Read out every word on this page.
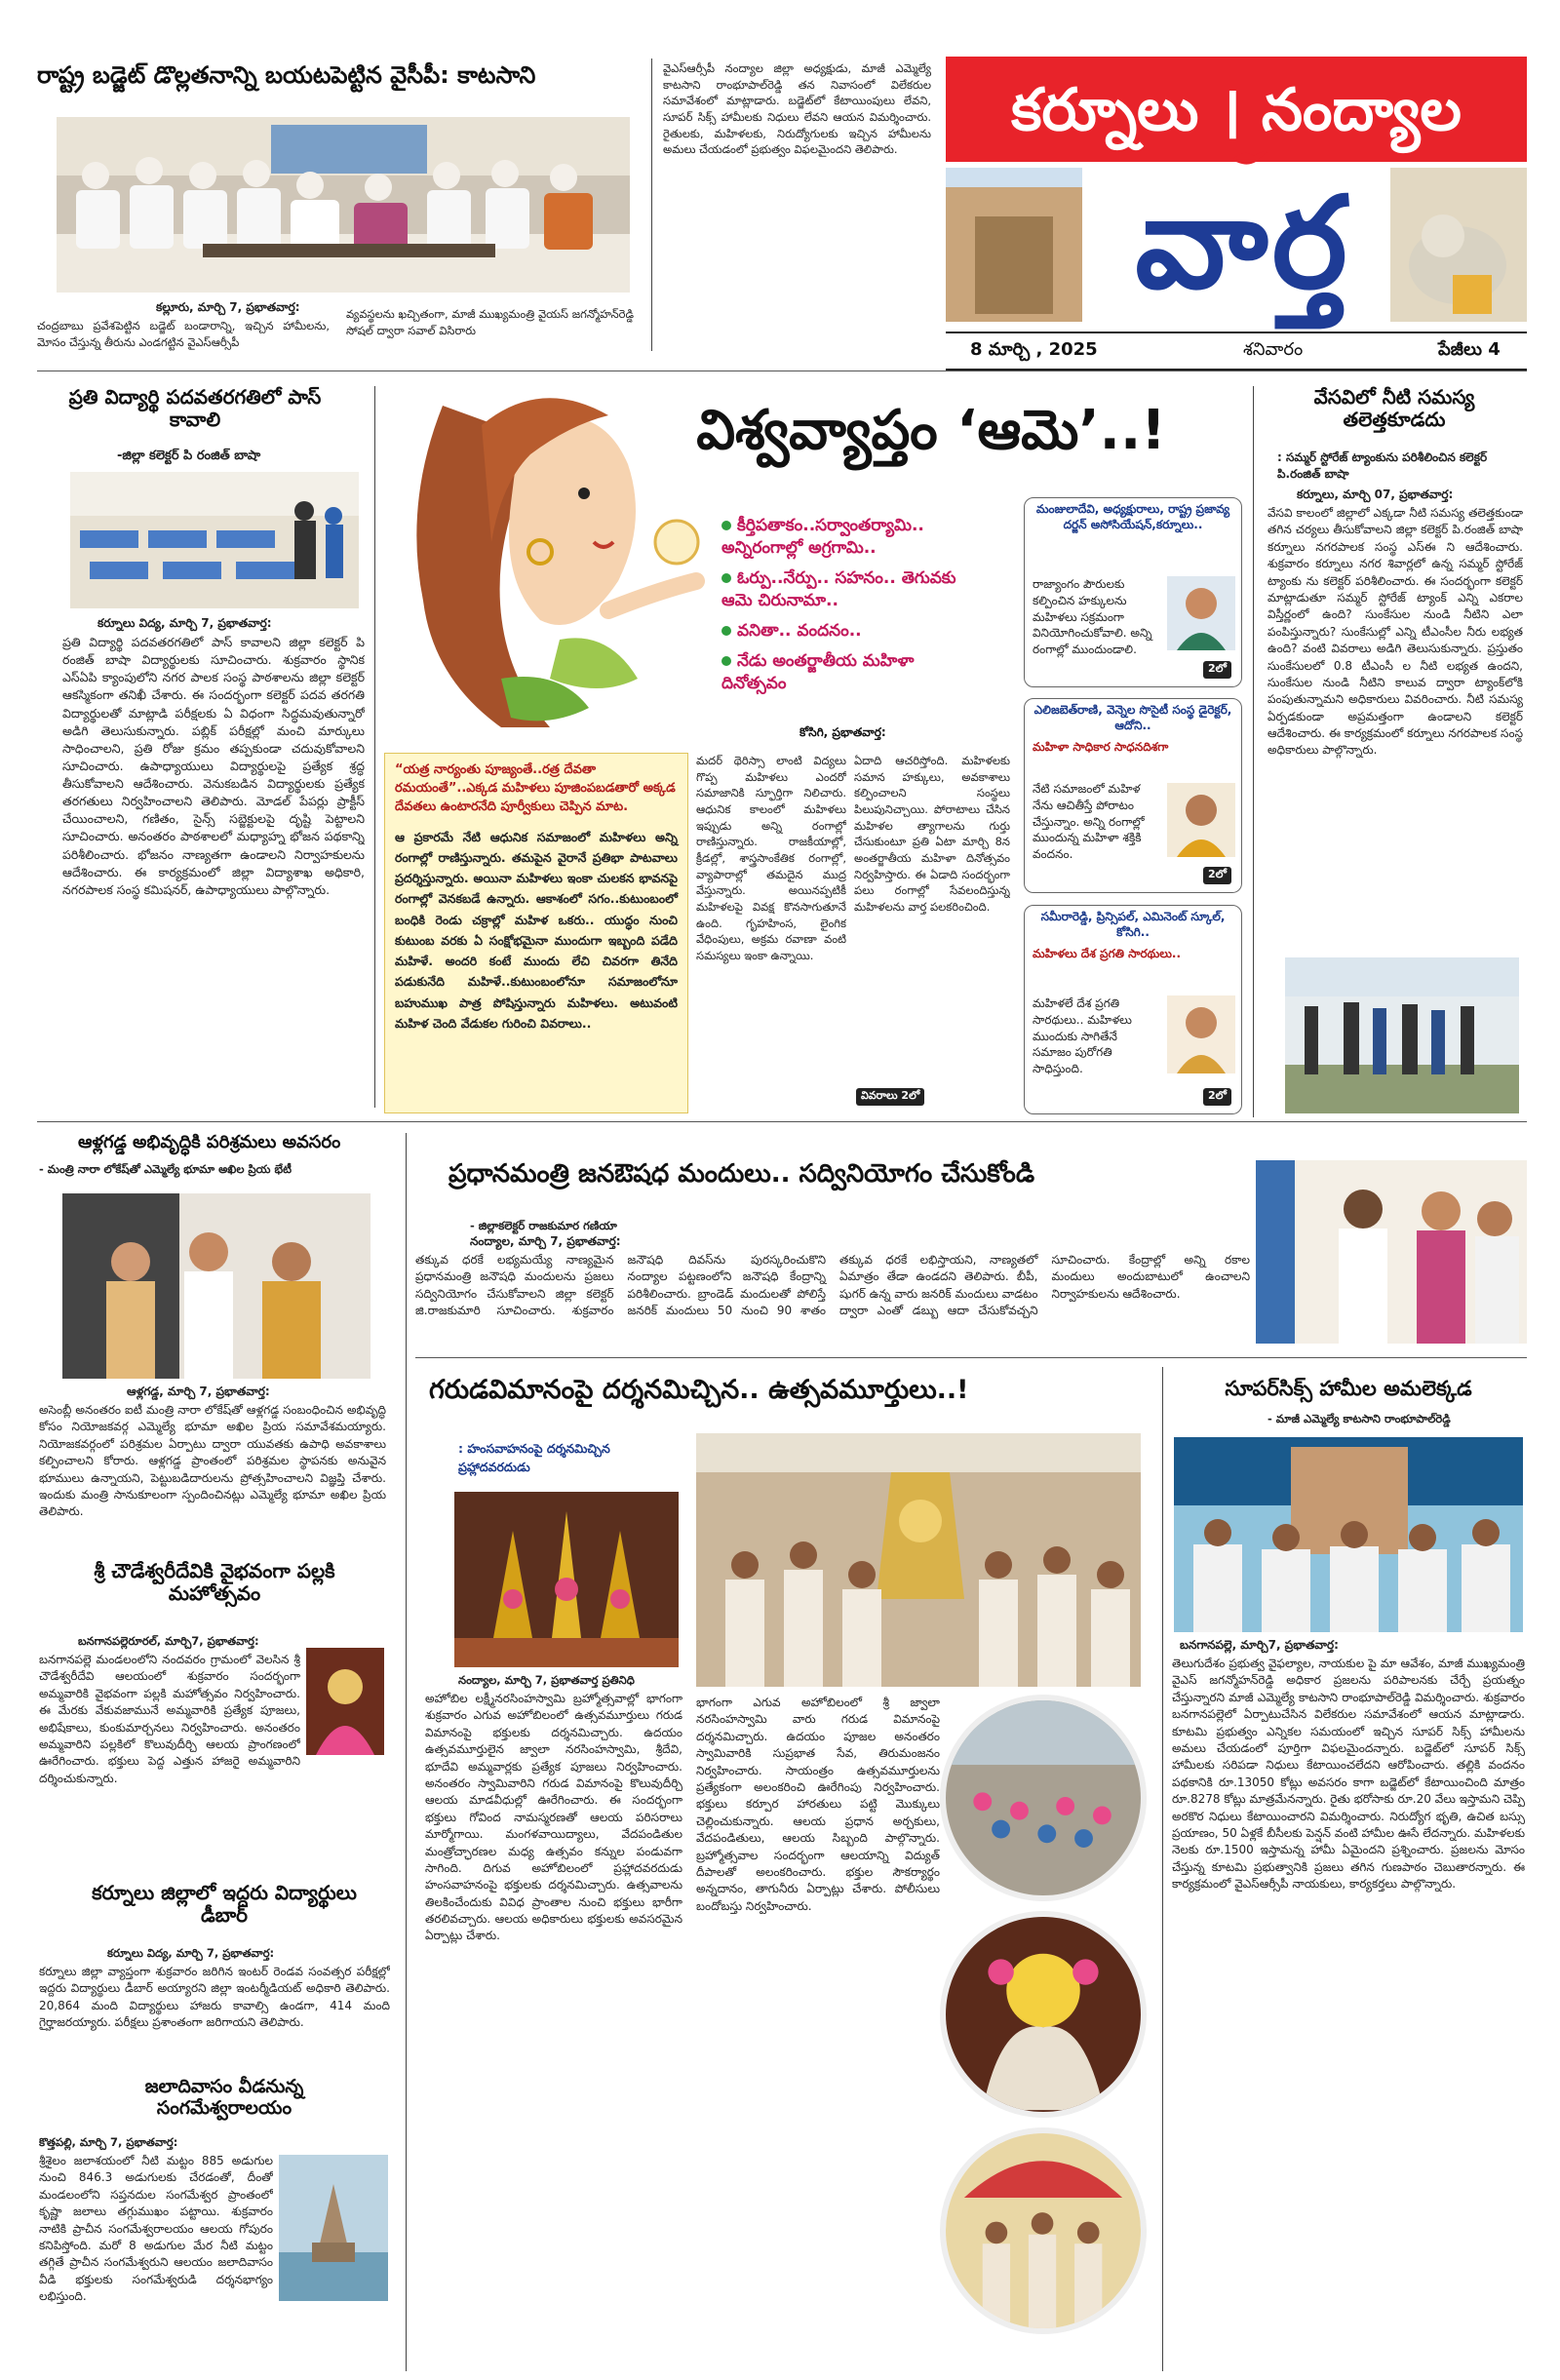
రాష్ట్ర బడ్జెట్ డొల్లతనాన్ని బయటపెట్టిన వైసీపీ: కాటసాని
కల్లూరు, మార్చి 7, ప్రభాతవార్త:
చంద్రబాబు ప్రవేశపెట్టిన బడ్జెట్ బండారాన్ని, ఇచ్చిన హామీలను, మోసం చేస్తున్న తీరును ఎండగట్టిన వైఎస్ఆర్సీపీ
వ్యవస్థలను ఖచ్చితంగా, మాజీ ముఖ్యమంత్రి వైయస్ జగన్మోహన్‌రెడ్డి సోషల్ ద్వారా సవాల్ విసిరారు
వైఎస్ఆర్సీపీ నంద్యాల జిల్లా అధ్యక్షుడు, మాజీ ఎమ్మెల్యే కాటసాని రాంభూపాల్‌రెడ్డి తన నివాసంలో విలేకరుల సమావేశంలో మాట్లాడారు. బడ్జెట్‌లో కేటాయింపులు లేవని, సూపర్ సిక్స్ హామీలకు నిధులు లేవని ఆయన విమర్శించారు. రైతులకు, మహిళలకు, నిరుద్యోగులకు ఇచ్చిన హామీలను అమలు చేయడంలో ప్రభుత్వం విఫలమైందని తెలిపారు.
కర్నూలు । నంద్యాల
వార్త
8 మార్చి , 2025	శనివారం	పేజీలు 4
ప్రతి విద్యార్థి పదవతరగతిలో పాస్ కావాలి
-జిల్లా కలెక్టర్ పి రంజిత్ బాషా
కర్నూలు విద్య, మార్చి 7, ప్రభాతవార్త:
ప్రతి విద్యార్థి పదవతరగతిలో పాస్ కావాలని జిల్లా కలెక్టర్ పి రంజిత్ బాషా విద్యార్థులకు సూచించారు. శుక్రవారం స్థానిక ఎస్ఏపి క్యాంపులోని నగర పాలక సంస్థ పాఠశాలను జిల్లా కలెక్టర్ ఆకస్మికంగా తనిఖీ చేశారు. ఈ సందర్భంగా కలెక్టర్ పదవ తరగతి విద్యార్థులతో మాట్లాడి పరీక్షలకు ఏ విధంగా సిద్ధమవుతున్నారో అడిగి తెలుసుకున్నారు. పబ్లిక్ పరీక్షల్లో మంచి మార్కులు సాధించాలని, ప్రతి రోజు క్రమం తప్పకుండా చదువుకోవాలని సూచించారు. ఉపాధ్యాయులు విద్యార్థులపై ప్రత్యేక శ్రద్ధ తీసుకోవాలని ఆదేశించారు. వెనుకబడిన విద్యార్థులకు ప్రత్యేక తరగతులు నిర్వహించాలని తెలిపారు. మోడల్ పేపర్లు ప్రాక్టీస్ చేయించాలని, గణితం, సైన్స్ సబ్జెక్టులపై దృష్టి పెట్టాలని సూచించారు. అనంతరం పాఠశాలలో మధ్యాహ్న భోజన పథకాన్ని పరిశీలించారు. భోజనం నాణ్యతగా ఉండాలని నిర్వాహకులను ఆదేశించారు. ఈ కార్యక్రమంలో జిల్లా విద్యాశాఖ అధికారి, నగరపాలక సంస్థ కమిషనర్, ఉపాధ్యాయులు పాల్గొన్నారు.
విశ్వవ్యాప్తం ‘ఆమె’..!
కీర్తిపతాకం..సర్వాంతర్యామి..
అన్నిరంగాల్లో అగ్రగామి..
ఓర్పు..నేర్పు.. సహనం.. తెగువకు
ఆమె చిరునామా..
వనితా.. వందనం..
నేడు అంతర్జాతీయ మహిళా
దినోత్సవం
కోసిగి, ప్రభాతవార్త:
“యత్ర నార్యంతు పూజ్యంతే..రత్ర దేవతా రమయంతే”..ఎక్కడ మహిళలు పూజింపబడతారో అక్కడ దేవతలు ఉంటారనేది పూర్వీకులు చెప్పిన మాట.
ఆ ప్రకారమే నేటి ఆధునిక సమాజంలో మహిళలు అన్ని రంగాల్లో రాణిస్తున్నారు. తమపైన వైరానే ప్రతిభా పాటవాలు ప్రదర్శిస్తున్నారు. అయినా మహిళలు ఇంకా చులకన భావనపై రంగాల్లో వెనకబడే ఉన్నారు. ఆకాశంలో సగం..కుటుంబంలో బంధికి రెండు చక్రాల్లో మహిళ ఒకరు.. యుద్ధం నుంచి కుటుంబ వరకు ఏ సంక్షోభమైనా ముందుగా ఇబ్బంది పడేది మహిళే. అందరి కంటే ముందు లేచి చివరగా తినేది పడుకునేది మహిళే..కుటుంబంలోనూ సమాజంలోనూ బహుముఖ పాత్ర పోషిస్తున్నారు మహిళలు. అటువంటి మహిళ చెంది వేడుకల గురించి వివరాలు..
మదర్ థెరిస్సా లాంటి విద్యలు గొప్ప మహిళలు ఎందరో సమాజానికి స్ఫూర్తిగా నిలిచారు. ఆధునిక కాలంలో మహిళలు ఇప్పుడు అన్ని రంగాల్లో రాణిస్తున్నారు. రాజకీయాల్లో, క్రీడల్లో, శాస్త్రసాంకేతిక రంగాల్లో, వ్యాపారాల్లో తమదైన ముద్ర వేస్తున్నారు. అయినప్పటికీ మహిళలపై వివక్ష కొనసాగుతూనే ఉంది. గృహహింస, లైంగిక వేధింపులు, అక్రమ రవాణా వంటి సమస్యలు ఇంకా ఉన్నాయి.
ఏదాది ఆచరిస్తోంది. మహిళలకు సమాన హక్కులు, అవకాశాలు కల్పించాలని సంస్థలు పిలుపునిచ్చాయి. పోరాటాలు చేసిన మహిళల త్యాగాలను గుర్తు చేసుకుంటూ ప్రతి ఏటా మార్చి 8న అంతర్జాతీయ మహిళా దినోత్సవం నిర్వహిస్తారు. ఈ ఏడాది సందర్భంగా పలు రంగాల్లో సేవలందిస్తున్న మహిళలను వార్త పలకరించింది.
వివరాలు 2లో
మంజులాదేవి, అధ్యక్షురాలు, రాష్ట్ర ప్రజావ్య దర్జన్ అసోసియేషన్,కర్నూలు..
రాజ్యాంగం పౌరులకు కల్పించిన హక్కులను మహిళలు సక్రమంగా వినియోగించుకోవాలి. అన్ని రంగాల్లో ముందుండాలి.
2లో
ఎలిజబెత్‌రాణి, వెన్నెల సొసైటీ సంస్థ డైరెక్టర్, ఆదోని..
మహిళా సాధికార సాధనదిశగా
నేటి సమాజంలో మహిళ నేను ఆచితీస్తే పోరాటం చేస్తున్నాం. అన్ని రంగాల్లో ముందున్న మహిళా శక్తికి వందనం.
2లో
సమీరారెడ్డి, ప్రిన్సిపల్, ఎమినెంట్ స్కూల్, కోసిగి..
మహిళలు దేశ ప్రగతి సారథులు..
మహిళలే దేశ ప్రగతి సారథులు.. మహిళలు ముందుకు సాగితేనే సమాజం పురోగతి సాధిస్తుంది.
2లో
వేసవిలో నీటి సమస్య తలెత్తకూడదు
: సమ్మర్ స్టోరేజ్ ట్యాంకును పరిశీలించిన కలెక్టర్ పి.రంజిత్ బాషా
కర్నూలు, మార్చి 07, ప్రభాతవార్త:
వేసవి కాలంలో జిల్లాలో ఎక్కడా నీటి సమస్య తలెత్తకుండా తగిన చర్యలు తీసుకోవాలని జిల్లా కలెక్టర్ పి.రంజిత్ బాషా కర్నూలు నగరపాలక సంస్థ ఎస్ఈ ని ఆదేశించారు. శుక్రవారం కర్నూలు నగర శివార్లలో ఉన్న సమ్మర్ స్టోరేజ్ ట్యాంకు ను కలెక్టర్ పరిశీలించారు. ఈ సందర్భంగా కలెక్టర్ మాట్లాడుతూ సమ్మర్ స్టోరేజ్ ట్యాంక్ ఎన్ని ఎకరాల విస్తీర్ణంలో ఉంది? సుంకేసుల నుండి నీటిని ఎలా పంపిస్తున్నారు? సుంకేసుల్లో ఎన్ని టీఎంసీల నీరు లభ్యత ఉంది? వంటి వివరాలు అడిగి తెలుసుకున్నారు. ప్రస్తుతం సుంకేసులలో 0.8 టీఎంసీ ల నీటి లభ్యత ఉందని, సుంకేసుల నుండి నీటిని కాలువ ద్వారా ట్యాంక్‌లోకి పంపుతున్నామని అధికారులు వివరించారు. నీటి సమస్య ఏర్పడకుండా అప్రమత్తంగా ఉండాలని కలెక్టర్ ఆదేశించారు. ఈ కార్యక్రమంలో కర్నూలు నగరపాలక సంస్థ అధికారులు పాల్గొన్నారు.
ఆళ్లగడ్డ అభివృద్ధికి పరిశ్రమలు అవసరం
- మంత్రి నారా లోకేష్‌తో ఎమ్మెల్యే భూమా అఖిల ప్రియ భేటీ
ఆళ్లగడ్డ, మార్చి 7, ప్రభాతవార్త:
అసెంబ్లీ అనంతరం ఐటీ మంత్రి నారా లోకేష్‌తో ఆళ్లగడ్డ సంబంధించిన అభివృద్ధి కోసం నియోజకవర్గ ఎమ్మెల్యే భూమా అఖిల ప్రియ సమావేశమయ్యారు. నియోజకవర్గంలో పరిశ్రమల ఏర్పాటు ద్వారా యువతకు ఉపాధి అవకాశాలు కల్పించాలని కోరారు. ఆళ్లగడ్డ ప్రాంతంలో పరిశ్రమల స్థాపనకు అనువైన భూములు ఉన్నాయని, పెట్టుబడిదారులను ప్రోత్సహించాలని విజ్ఞప్తి చేశారు. ఇందుకు మంత్రి సానుకూలంగా స్పందించినట్లు ఎమ్మెల్యే భూమా అఖిల ప్రియ తెలిపారు.
ప్రధానమంత్రి జనఔషధ మందులు.. సద్వినియోగం చేసుకోండి
- జిల్లాకలెక్టర్ రాజకుమార గణియా
నంద్యాల, మార్చి 7, ప్రభాతవార్త:
తక్కువ ధరకే లభ్యమయ్యే నాణ్యమైన ప్రధానమంత్రి జనౌషధి మందులను ప్రజలు సద్వినియోగం చేసుకోవాలని జిల్లా కలెక్టర్ జి.రాజకుమారి సూచించారు. శుక్రవారం జనౌషధి దివస్‌ను పురస్కరించుకొని నంద్యాల పట్టణంలోని జనౌషధి కేంద్రాన్ని పరిశీలించారు. బ్రాండెడ్ మందులతో పోలిస్తే జనరిక్ మందులు 50 నుంచి 90 శాతం తక్కువ ధరకే లభిస్తాయని, నాణ్యతలో ఏమాత్రం తేడా ఉండదని తెలిపారు. బీపీ, షుగర్ ఉన్న వారు జనరిక్ మందులు వాడటం ద్వారా ఎంతో డబ్బు ఆదా చేసుకోవచ్చని సూచించారు. కేంద్రాల్లో అన్ని రకాల మందులు అందుబాటులో ఉంచాలని నిర్వాహకులను ఆదేశించారు.
గరుడవిమానంపై దర్శనమిచ్చిన.. ఉత్సవమూర్తులు..!
: హంసవాహనంపై దర్శనమిచ్చిన ప్రహ్లాదవరదుడు
నంద్యాల, మార్చి 7, ప్రభాతవార్త ప్రతినిధి
అహోబిల లక్ష్మీనరసింహస్వామి బ్రహ్మోత్సవాల్లో భాగంగా శుక్రవారం ఎగువ అహోబిలంలో ఉత్సవమూర్తులు గరుడ విమానంపై భక్తులకు దర్శనమిచ్చారు. ఉదయం ఉత్సవమూర్తులైన జ్వాలా నరసింహస్వామి, శ్రీదేవి, భూదేవి అమ్మవార్లకు ప్రత్యేక పూజలు నిర్వహించారు. అనంతరం స్వామివారిని గరుడ విమానంపై కొలువుదీర్చి ఆలయ మాడవీధుల్లో ఊరేగించారు. ఈ సందర్భంగా భక్తులు గోవింద నామస్మరణతో ఆలయ పరిసరాలు మార్మోగాయి. మంగళవాయిద్యాలు, వేదపండితుల మంత్రోచ్ఛారణల మధ్య ఉత్సవం కన్నుల పండువగా సాగింది. దిగువ అహోబిలంలో ప్రహ్లాదవరదుడు హంసవాహనంపై భక్తులకు దర్శనమిచ్చారు. ఉత్సవాలను తిలకించేందుకు వివిధ ప్రాంతాల నుంచి భక్తులు భారీగా తరలివచ్చారు. ఆలయ అధికారులు భక్తులకు అవసరమైన ఏర్పాట్లు చేశారు.
భాగంగా ఎగువ అహోబిలంలో శ్రీ జ్వాలా నరసింహస్వామి వారు గరుడ విమానంపై దర్శనమిచ్చారు. ఉదయం పూజల అనంతరం స్వామివారికి సుప్రభాత సేవ, తిరుమంజనం నిర్వహించారు. సాయంత్రం ఉత్సవమూర్తులను ప్రత్యేకంగా అలంకరించి ఊరేగింపు నిర్వహించారు. భక్తులు కర్పూర హారతులు పట్టి మొక్కులు చెల్లించుకున్నారు. ఆలయ ప్రధాన అర్చకులు, వేదపండితులు, ఆలయ సిబ్బంది పాల్గొన్నారు. బ్రహ్మోత్సవాల సందర్భంగా ఆలయాన్ని విద్యుత్ దీపాలతో అలంకరించారు. భక్తుల సౌకర్యార్థం అన్నదానం, తాగునీరు ఏర్పాట్లు చేశారు. పోలీసులు బందోబస్తు నిర్వహించారు.
సూపర్‌సిక్స్ హామీల అమలెక్కడ
- మాజీ ఎమ్మెల్యే కాటసాని రాంభూపాల్‌రెడ్డి
బనగానపల్లె, మార్చి7, ప్రభాతవార్త:
తెలుగుదేశం ప్రభుత్వ వైఫల్యాల, నాయకుల పై మా ఆవేశం, మాజీ ముఖ్యమంత్రి వైఎస్ జగన్మోహన్‌రెడ్డి అధికార ప్రజలను పరిపాలనకు చేర్చే ప్రయత్నం చేస్తున్నారని మాజీ ఎమ్మెల్యే కాటసాని రాంభూపాల్‌రెడ్డి విమర్శించారు. శుక్రవారం బనగానపల్లెలో ఏర్పాటుచేసిన విలేకరుల సమావేశంలో ఆయన మాట్లాడారు. కూటమి ప్రభుత్వం ఎన్నికల సమయంలో ఇచ్చిన సూపర్ సిక్స్ హామీలను అమలు చేయడంలో పూర్తిగా విఫలమైందన్నారు. బడ్జెట్‌లో సూపర్ సిక్స్ హామీలకు సరిపడా నిధులు కేటాయించలేదని ఆరోపించారు. తల్లికి వందనం పథకానికి రూ.13050 కోట్లు అవసరం కాగా బడ్జెట్‌లో కేటాయించింది మాత్రం రూ.8278 కోట్లు మాత్రమేనన్నారు. రైతు భరోసాకు రూ.20 వేలు ఇస్తామని చెప్పి అరకొర నిధులు కేటాయించారని విమర్శించారు. నిరుద్యోగ భృతి, ఉచిత బస్సు ప్రయాణం, 50 ఏళ్లకే బీసీలకు పెన్షన్ వంటి హామీల ఊసే లేదన్నారు. మహిళలకు నెలకు రూ.1500 ఇస్తామన్న హామీ ఏమైందని ప్రశ్నించారు. ప్రజలను మోసం చేస్తున్న కూటమి ప్రభుత్వానికి ప్రజలు తగిన గుణపాఠం చెబుతారన్నారు. ఈ కార్యక్రమంలో వైఎస్ఆర్సీపీ నాయకులు, కార్యకర్తలు పాల్గొన్నారు.
శ్రీ చౌడేశ్వరీదేవికి వైభవంగా పల్లకి మహోత్సవం
బనగానపల్లెరూరల్, మార్చి7, ప్రభాతవార్త:
బనగానపల్లె మండలంలోని నందవరం గ్రామంలో వెలసిన శ్రీ చౌడేశ్వరీదేవి ఆలయంలో శుక్రవారం సందర్భంగా అమ్మవారికి వైభవంగా పల్లకి మహోత్సవం నిర్వహించారు. ఈ మేరకు వేకువజామునే అమ్మవారికి ప్రత్యేక పూజలు, అభిషేకాలు, కుంకుమార్చనలు నిర్వహించారు. అనంతరం అమ్మవారిని పల్లకిలో కొలువుదీర్చి ఆలయ ప్రాంగణంలో ఊరేగించారు. భక్తులు పెద్ద ఎత్తున హాజరై అమ్మవారిని దర్శించుకున్నారు.
కర్నూలు జిల్లాలో ఇద్దరు విద్యార్థులు డీబార్
కర్నూలు విద్య, మార్చి 7, ప్రభాతవార్త:
కర్నూలు జిల్లా వ్యాప్తంగా శుక్రవారం జరిగిన ఇంటర్ రెండవ సంవత్సర పరీక్షల్లో ఇద్దరు విద్యార్థులు డీబార్ అయ్యారని జిల్లా ఇంటర్మీడియట్ అధికారి తెలిపారు. 20,864 మంది విద్యార్థులు హాజరు కావాల్సి ఉండగా, 414 మంది గైర్హాజరయ్యారు. పరీక్షలు ప్రశాంతంగా జరిగాయని తెలిపారు.
జలాదివాసం వీడనున్న సంగమేశ్వరాలయం
కొత్తపల్లి, మార్చి 7, ప్రభాతవార్త:
శ్రీశైలం జలాశయంలో నీటి మట్టం 885 అడుగుల నుంచి 846.3 అడుగులకు చేరడంతో, దీంతో మండలంలోని సప్తనదుల సంగమేశ్వర ప్రాంతంలో కృష్ణా జలాలు తగ్గుముఖం పట్టాయి. శుక్రవారం నాటికి ప్రాచీన సంగమేశ్వరాలయం ఆలయ గోపురం కనిపిస్తోంది. మరో 8 అడుగుల మేర నీటి మట్టం తగ్గితే ప్రాచీన సంగమేశ్వరుని ఆలయం జలాదివాసం వీడి భక్తులకు సంగమేశ్వరుడి దర్శనభాగ్యం లభిస్తుంది.
